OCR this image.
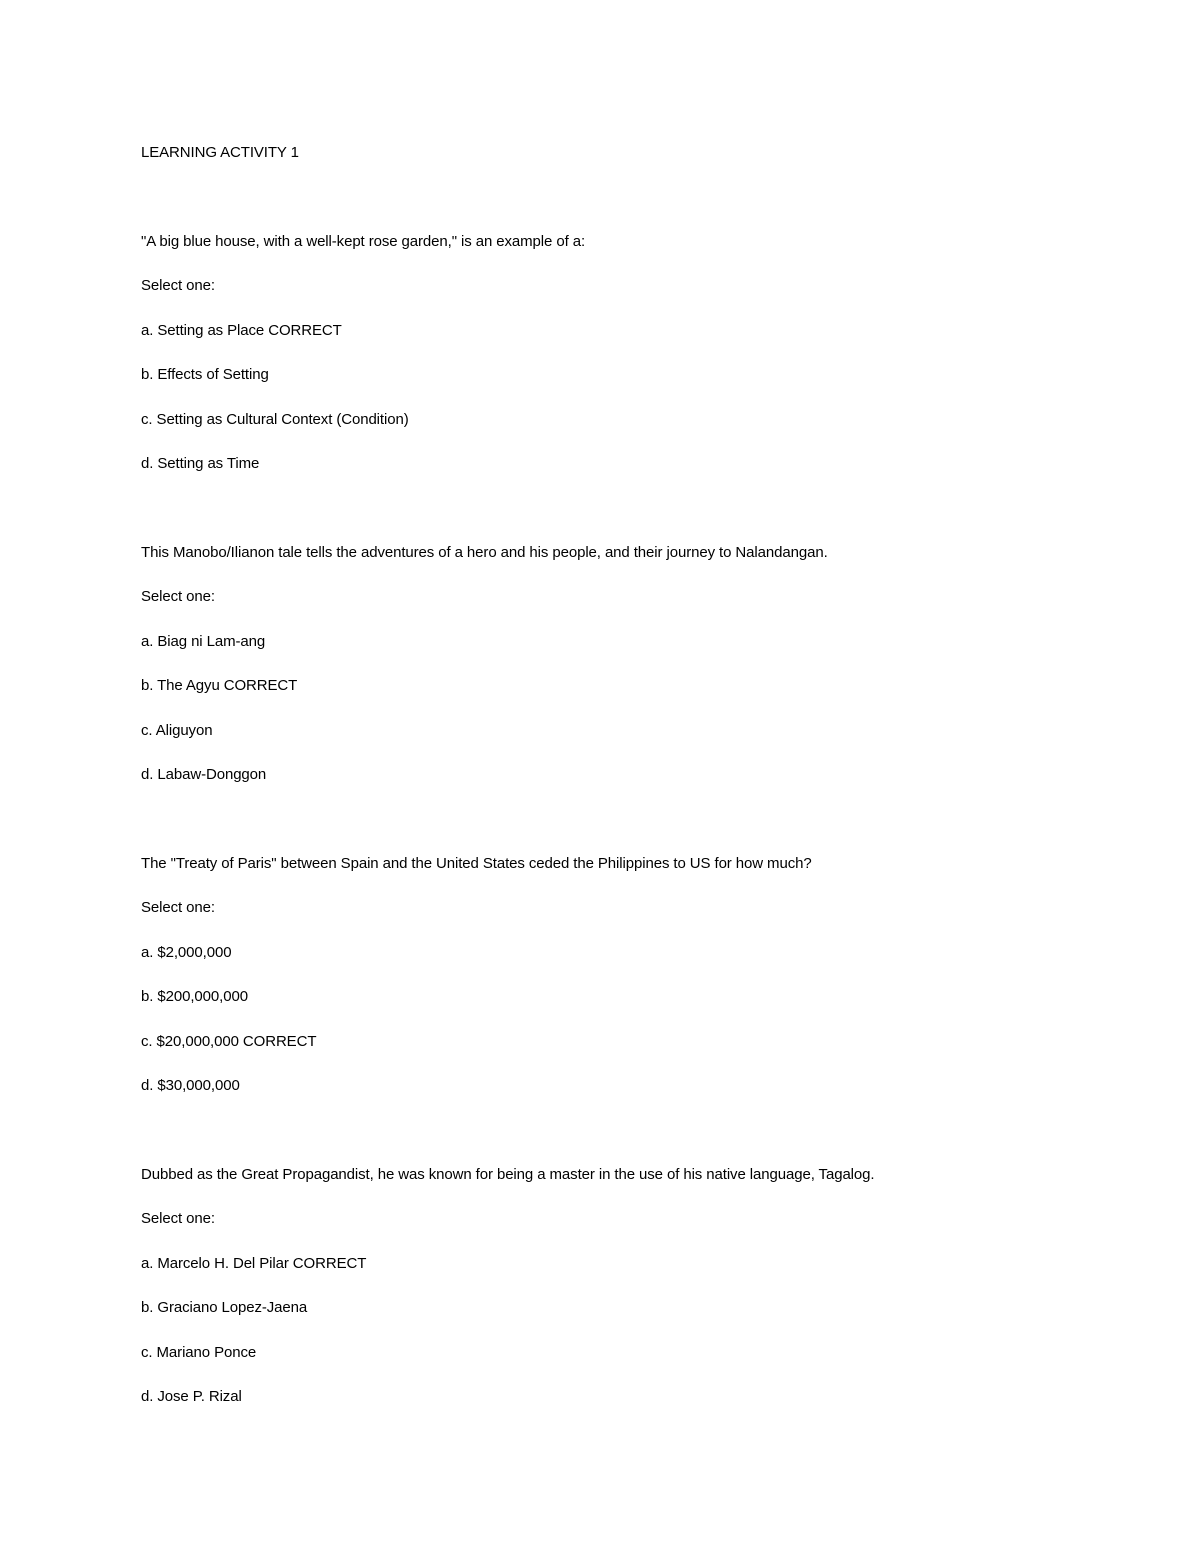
LEARNING ACTIVITY 1
"A big blue house, with a well-kept rose garden," is an example of a:
Select one:
a. Setting as Place CORRECT
b. Effects of Setting
c. Setting as Cultural Context (Condition)
d. Setting as Time
This Manobo/Ilianon tale tells the adventures of a hero and his people, and their journey to Nalandangan.
Select one:
a. Biag ni Lam-ang
b. The Agyu CORRECT
c. Aliguyon
d. Labaw-Donggon
The "Treaty of Paris" between Spain and the United States ceded the Philippines to US for how much?
Select one:
a. $2,000,000
b. $200,000,000
c. $20,000,000 CORRECT
d. $30,000,000
Dubbed as the Great Propagandist, he was known for being a master in the use of his native language, Tagalog.
Select one:
a. Marcelo H. Del Pilar CORRECT
b. Graciano Lopez-Jaena
c. Mariano Ponce
d. Jose P. Rizal
